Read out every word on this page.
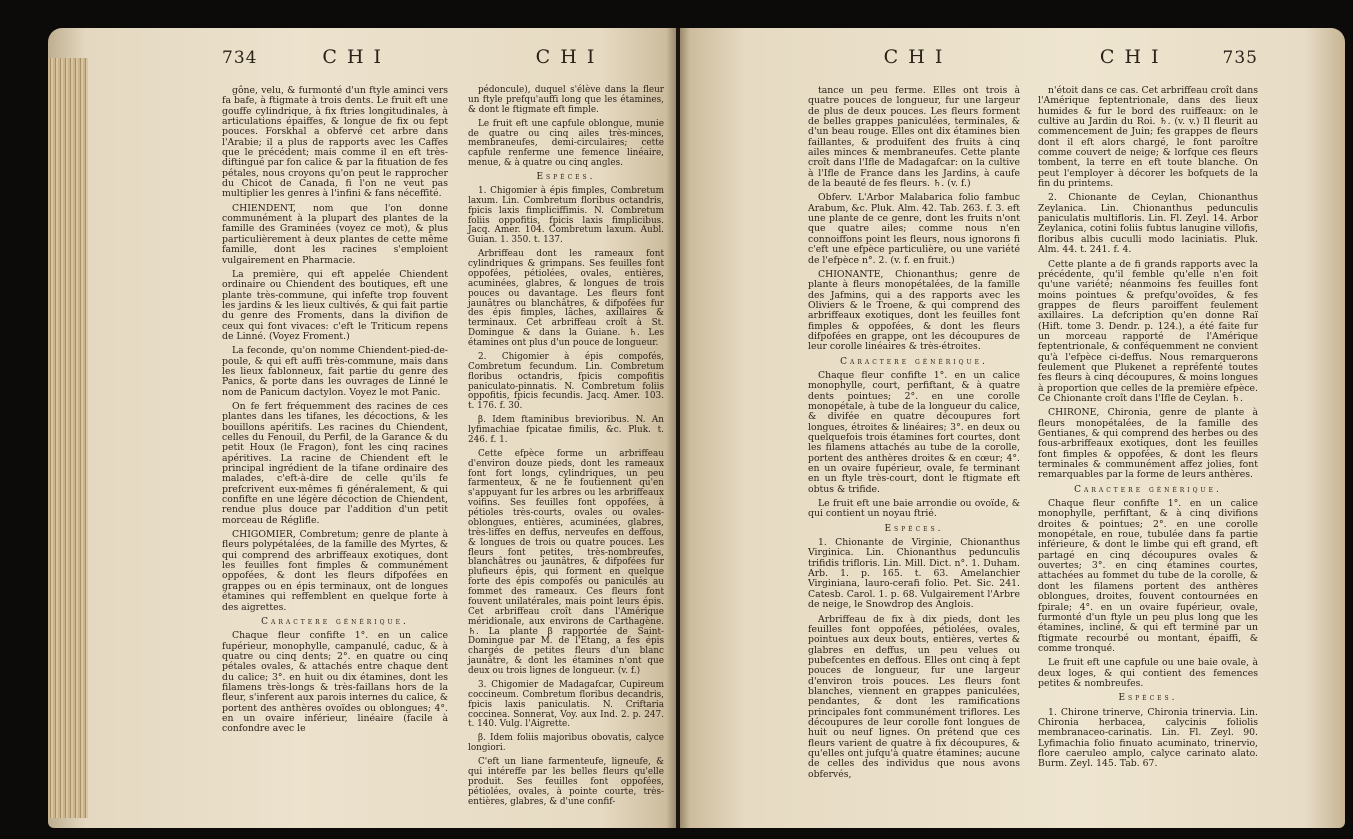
734	C H I

gône, velu, & furmonté d'un ftyle aminci vers fa bafe, à ftigmate à trois dents. Le fruit eft une gouffe cylindrique, à fix ftries longitudinales, à articulations épaiffes, & longue de fix ou fept pouces. Forskhal a obfervé cet arbre dans l'Arabie; il a plus de rapports avec les Caffes que le précédent; mais comme il en eft très-diftingué par fon calice & par la fituation de fes pétales, nous croyons qu'on peut le rapprocher du Chicot de Canada, fi l'on ne veut pas multiplier les genres à l'infini & fans néceffité.

CHIENDENT, nom que l'on donne communément à la plupart des plantes de la famille des Graminées (voyez ce mot), & plus particulièrement à deux plantes de cette même famille, dont les racines s'emploient vulgairement en Pharmacie.

La première, qui eft appelée Chiendent ordinaire ou Chiendent des boutiques, eft une plante très-commune, qui infefte trop fouvent les jardins & les lieux cultivés, & qui fait partie du genre des Froments, dans la divifion de ceux qui font vivaces: c'eft le Triticum repens de Linné. (Voyez Froment.)

La feconde, qu'on nomme Chiendent-pied-de-poule, & qui eft auffi très-commune, mais dans les lieux fablonneux, fait partie du genre des Panics, & porte dans les ouvrages de Linné le nom de Panicum dactylon. Voyez le mot Panic.

On fe fert fréquemment des racines de ces plantes dans les tifanes, les décoctions, & les bouillons apéritifs. Les racines du Chiendent, celles du Fenouil, du Perfil, de la Garance & du petit Houx (le Fragon), font les cinq racines apéritives. La racine de Chiendent eft le principal ingrédient de la tifane ordinaire des malades, c'eft-à-dire de celle qu'ils fe prefcrivent eux-mêmes fi généralement, & qui confifte en une légère décoction de Chiendent, rendue plus douce par l'addition d'un petit morceau de Réglifle.

CHIGOMIER, Combretum; genre de plante à fleurs polypétalées, de la famille des Myrtes, & qui comprend des arbriffeaux exotiques, dont les feuilles font fimples & communément oppofées, & dont les fleurs difpofées en grappes ou en épis terminaux, ont de longues étamines qui reffemblent en quelque forte à des aigrettes.

Caractere générique.

Chaque fleur confifte 1°. en un calice fupérieur, monophylle, campanulé, caduc, & à quatre ou cinq dents; 2°. en quatre ou cinq pétales ovales, & attachés entre chaque dent du calice; 3°. en huit ou dix étamines, dont les filamens très-longs & très-faillans hors de la fleur, s'inferent aux parois internes du calice, & portent des anthères ovoïdes ou oblongues; 4°. en un ovaire inférieur, linéaire (facile à confondre avec le

C H I

pédoncule), duquel s'élève dans la fleur un ftyle prefqu'auffi long que les étamines, & dont le ftigmate eft fimple.

Le fruit eft une capfule oblongue, munie de quatre ou cinq ailes très-minces, membraneufes, demi-circulaires; cette capfule renferme une femence linéaire, menue, & à quatre ou cinq angles.

Espèces.

1. Chigomier à épis fimples, Combretum laxum. Lin. Combretum floribus octandris, fpicis laxis fimpliciffimis. N. Combretum foliis oppofitis, fpicis laxis fimplicibus. Jacq. Amer. 104. Combretum laxum. Aubl. Guian. 1. 350. t. 137.

Arbriffeau dont les rameaux font cylindriques & grimpans. Ses feuilles font oppofées, pétiolées, ovales, entières, acuminées, glabres, & longues de trois pouces ou davantage. Les fleurs font jaunâtres ou blanchâtres, & difpofées fur des épis fimples, lâches, axillaires & terminaux. Cet arbriffeau croît à St. Domingue & dans la Guiane. ♄. Les étamines ont plus d'un pouce de longueur.

2. Chigomier à épis compofés, Combretum fecundum. Lin. Combretum floribus octandris, fpicis compofitis paniculato-pinnatis. N. Combretum foliis oppofitis, fpicis fecundis. Jacq. Amer. 103. t. 176. f. 30.

β. Idem ftaminibus brevioribus. N. An lyfimachiae fpicatae fimilis, &c. Pluk. t. 246. f. 1.

Cette efpèce forme un arbriffeau d'environ douze pieds, dont les rameaux font fort longs, cylindriques, un peu farmenteux, & ne fe foutiennent qu'en s'appuyant fur les arbres ou les arbriffeaux voifins. Ses feuilles font oppofées, à pétioles très-courts, ovales ou ovales-oblongues, entières, acuminées, glabres, très-liffes en deffus, nerveufes en deffous, & longues de trois ou quatre pouces. Les fleurs font petites, très-nombreufes, blanchâtres ou jaunâtres, & difpofées fur plufieurs épis, qui forment en quelque forte des épis compofés ou paniculés au fommet des rameaux. Ces fleurs font fouvent unilatérales, mais point leurs épis. Cet arbriffeau croît dans l'Amérique méridionale, aux environs de Carthagène. ♄. La plante β rapportée de Saint-Domingue par M. de l'Etang, a fes épis chargés de petites fleurs d'un blanc jaunâtre, & dont les étamines n'ont que deux ou trois lignes de longueur. (v. f.)

3. Chigomier de Madagafcar, Cupireum coccineum. Combretum floribus decandris, fpicis laxis paniculatis. N. Criftaria coccinea. Sonnerat, Voy. aux Ind. 2. p. 247. t. 140. Vulg. l'Aigrette.

β. Idem foliis majoribus obovatis, calyce longiori.

C'eft un liane farmenteufe, ligneufe, & qui intéreffe par les belles fleurs qu'elle produit. Ses feuilles font oppofées, pétiolées, ovales, à pointe courte, très-entières, glabres, & d'une confif-

C H I

tance un peu ferme. Elles ont trois à quatre pouces de longueur, fur une largeur de plus de deux pouces. Les fleurs forment de belles grappes paniculées, terminales, & d'un beau rouge. Elles ont dix étamines bien faillantes, & produifent des fruits à cinq ailes minces & membraneufes. Cette plante croît dans l'Ifle de Madagafcar: on la cultive à l'Ifle de France dans les Jardins, à caufe de la beauté de fes fleurs. ♄. (v. f.)

Obferv. L'Arbor Malabarica folio fambuc Arabum, &c. Pluk. Alm. 42. Tab. 263. f. 3. eft une plante de ce genre, dont les fruits n'ont que quatre ailes; comme nous n'en connoiffons point les fleurs, nous ignorons fi c'eft une efpèce particulière, ou une variété de l'efpèce n°. 2. (v. f. en fruit.)

CHIONANTE, Chionanthus; genre de plante à fleurs monopétalées, de la famille des Jafmins, qui a des rapports avec les Oliviers & le Troene, & qui comprend des arbriffeaux exotiques, dont les feuilles font fimples & oppofées, & dont les fleurs difpofées en grappe, ont les découpures de leur corolle linéaires & très-étroites.

Caractere générique.

Chaque fleur confifte 1°. en un calice monophylle, court, perfiftant, & à quatre dents pointues; 2°. en une corolle monopétale, à tube de la longueur du calice, & divifée en quatre découpures fort longues, étroites & linéaires; 3°. en deux ou quelquefois trois étamines fort courtes, dont les filamens attachés au tube de la corolle, portent des anthères droites & en cœur; 4°. en un ovaire fupérieur, ovale, fe terminant en un ftyle très-court, dont le ftigmate eft obtus & trifide.

Le fruit eft une baie arrondie ou ovoïde, & qui contient un noyau ftrié.

Espèces.

1. Chionante de Virginie, Chionanthus Virginica. Lin. Chionanthus pedunculis trifidis trifloris. Lin. Mill. Dict. n°. 1. Duham. Arb. 1. p. 165. t. 63. Amelanchier Virginiana, lauro-cerafi folio. Pet. Sic. 241. Catesb. Carol. 1. p. 68. Vulgairement l'Arbre de neige, le Snowdrop des Anglois.

Arbriffeau de fix à dix pieds, dont les feuilles font oppofées, pétiolées, ovales, pointues aux deux bouts, entières, vertes & glabres en deffus, un peu velues ou pubefcentes en deffous. Elles ont cinq à fept pouces de longueur, fur une largeur d'environ trois pouces. Les fleurs font blanches, viennent en grappes paniculées, pendantes, & dont les ramifications principales font communément triflores. Les découpures de leur corolle font longues de huit ou neuf lignes. On prétend que ces fleurs varient de quatre à fix découpures, & qu'elles ont jufqu'à quatre étamines; aucune de celles des individus que nous avons obfervés,

C H I	735

n'étoit dans ce cas. Cet arbriffeau croît dans l'Amérique feptentrionale, dans des lieux humides & fur le bord des ruiffeaux: on le cultive au Jardin du Roi. ♄. (v. v.) Il fleurit au commencement de Juin; fes grappes de fleurs dont il eft alors chargé, le font paroître comme couvert de neige; & lorfque ces fleurs tombent, la terre en eft toute blanche. On peut l'employer à décorer les bofquets de la fin du printems.

2. Chionante de Ceylan, Chionanthus Zeylanica. Lin. Chionanthus pedunculis paniculatis multifloris. Lin. Fl. Zeyl. 14. Arbor Zeylanica, cotini foliis fubtus lanugine villofis, floribus albis cuculli modo laciniatis. Pluk. Alm. 44. t. 241. f. 4.

Cette plante a de fi grands rapports avec la précédente, qu'il femble qu'elle n'en foit qu'une variété; néanmoins fes feuilles font moins pointues & prefqu'ovoïdes, & fes grappes de fleurs paroiffent feulement axillaires. La defcription qu'en donne Raï (Hift. tome 3. Dendr. p. 124.), a été faite fur un morceau rapporté de l'Amérique feptentrionale, & conféquemment ne convient qu'à l'efpèce ci-deffus. Nous remarquerons feulement que Plukenet a repréfenté toutes fes fleurs à cinq découpures, & moins longues à proportion que celles de la première efpèce. Ce Chionante croît dans l'Ifle de Ceylan. ♄.

CHIRONE, Chironia, genre de plante à fleurs monopétalées, de la famille des Gentianes, & qui comprend des herbes ou des fous-arbriffeaux exotiques, dont les feuilles font fimples & oppofées, & dont les fleurs terminales & communément affez jolies, font remarquables par la forme de leurs anthères.

Caractere générique.

Chaque fleur confifte 1°. en un calice monophylle, perfiftant, & à cinq divifions droites & pointues; 2°. en une corolle monopétale, en roue, tubulée dans fa partie inférieure, & dont le limbe qui eft grand, eft partagé en cinq découpures ovales & ouvertes; 3°. en cinq étamines courtes, attachées au fommet du tube de la corolle, & dont les filamens portent des anthères oblongues, droites, fouvent contournées en fpirale; 4°. en un ovaire fupérieur, ovale, furmonté d'un ftyle un peu plus long que les étamines, incliné, & qui eft terminé par un ftigmate recourbé ou montant, épaiffi, & comme tronqué.

Le fruit eft une capfule ou une baie ovale, à deux loges, & qui contient des femences petites & nombreufes.

Espèces.

1. Chirone trinerve, Chironia trinervia. Lin. Chironia herbacea, calycinis foliolis membranaceo-carinatis. Lin. Fl. Zeyl. 90. Lyfimachia folio finuato acuminato, trinervio, flore caeruleo amplo, calyce carinato alato. Burm. Zeyl. 145. Tab. 67.
